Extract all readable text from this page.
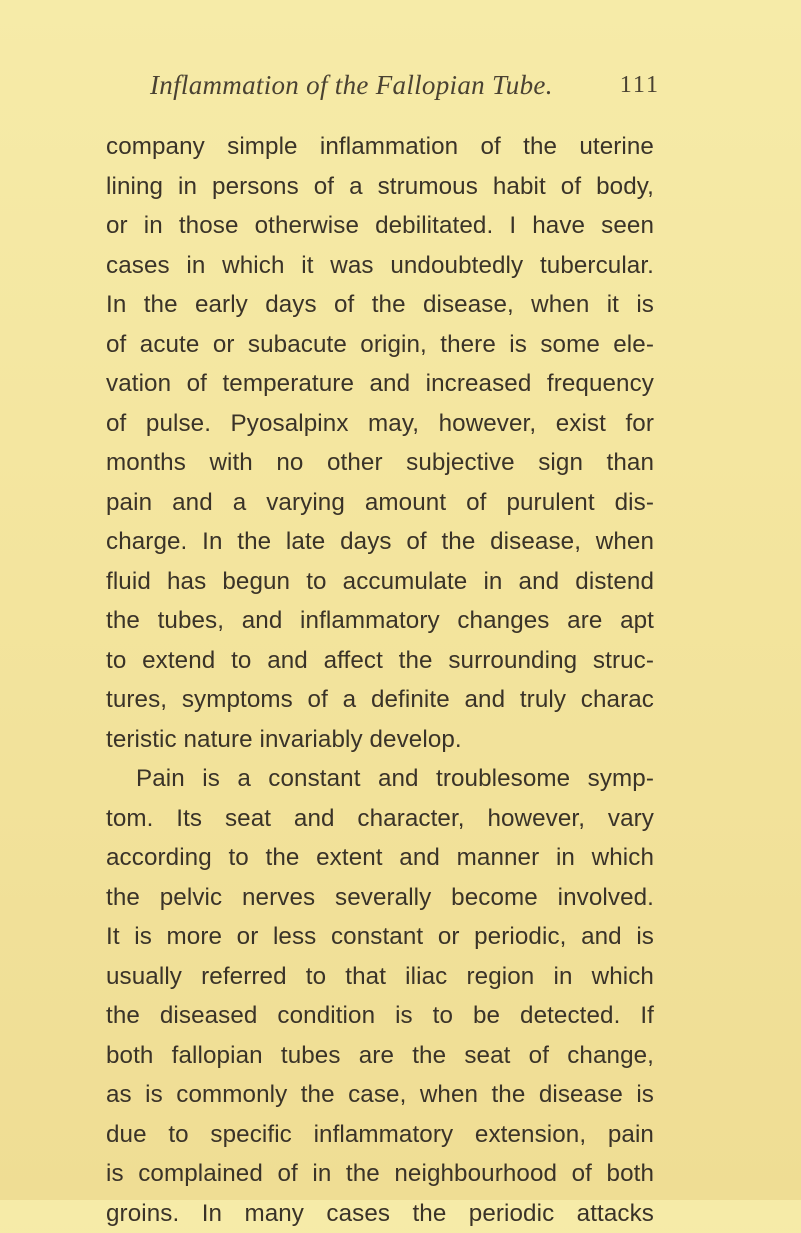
Inflammation of the Fallopian Tube.	111
company simple inflammation of the uterine
lining in persons of a strumous habit of body,
or in those otherwise debilitated. I have seen
cases in which it was undoubtedly tubercular.
In the early days of the disease, when it is
of acute or subacute origin, there is some ele-
vation of temperature and increased frequency
of pulse. Pyosalpinx may, however, exist for
months with no other subjective sign than
pain and a varying amount of purulent dis-
charge. In the late days of the disease, when
fluid has begun to accumulate in and distend
the tubes, and inflammatory changes are apt
to extend to and affect the surrounding struc-
tures, symptoms of a definite and truly charac
teristic nature invariably develop.
Pain is a constant and troublesome symp-
tom. Its seat and character, however, vary
according to the extent and manner in which
the pelvic nerves severally become involved.
It is more or less constant or periodic, and is
usually referred to that iliac region in which
the diseased condition is to be detected. If
both fallopian tubes are the seat of change,
as is commonly the case, when the disease is
due to specific inflammatory extension, pain
is complained of in the neighbourhood of both
groins. In many cases the periodic attacks
